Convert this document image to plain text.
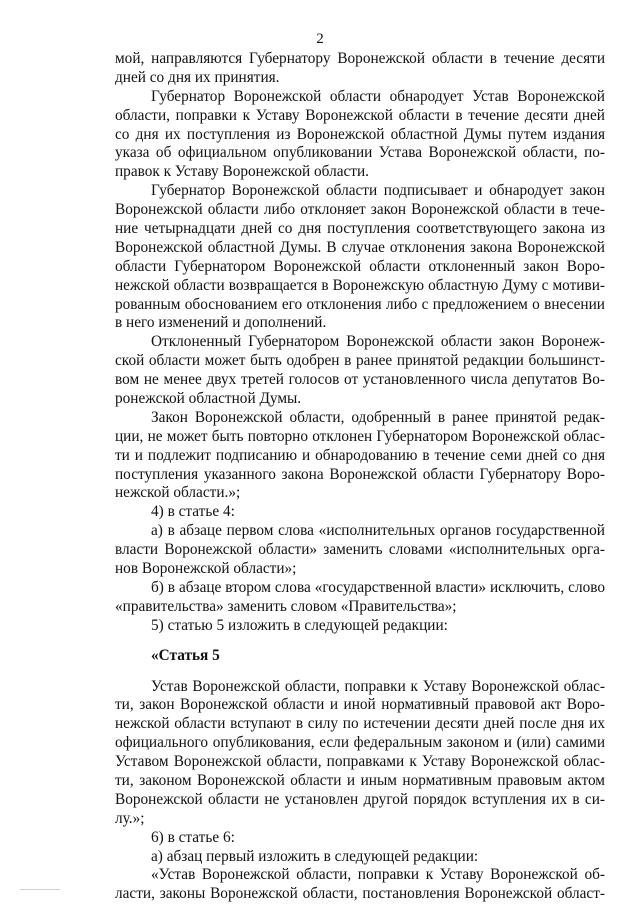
2
мой, направляются Губернатору Воронежской области в течение десяти
дней со дня их принятия.
Губернатор Воронежской области обнародует Устав Воронежской
области, поправки к Уставу Воронежской области в течение десяти дней
со дня их поступления из Воронежской областной Думы путем издания
указа об официальном опубликовании Устава Воронежской области, по-
правок к Уставу Воронежской области.
Губернатор Воронежской области подписывает и обнародует закон
Воронежской области либо отклоняет закон Воронежской области в тече-
ние четырнадцати дней со дня поступления соответствующего закона из
Воронежской областной Думы. В случае отклонения закона Воронежской
области Губернатором Воронежской области отклоненный закон Воро-
нежской области возвращается в Воронежскую областную Думу с мотиви-
рованным обоснованием его отклонения либо с предложением о внесении
в него изменений и дополнений.
Отклоненный Губернатором Воронежской области закон Воронеж-
ской области может быть одобрен в ранее принятой редакции большинст-
вом не менее двух третей голосов от установленного числа депутатов Во-
ронежской областной Думы.
Закон Воронежской области, одобренный в ранее принятой редак-
ции, не может быть повторно отклонен Губернатором Воронежской облас-
ти и подлежит подписанию и обнародованию в течение семи дней со дня
поступления указанного закона Воронежской области Губернатору Воро-
нежской области.»;
4) в статье 4:
а) в абзаце первом слова «исполнительных органов государственной
власти Воронежской области» заменить словами «исполнительных орга-
нов Воронежской области»;
б) в абзаце втором слова «государственной власти» исключить, слово
«правительства» заменить словом «Правительства»;
5) статью 5 изложить в следующей редакции:
«Статья 5
Устав Воронежской области, поправки к Уставу Воронежской облас-
ти, закон Воронежской области и иной нормативный правовой акт Воро-
нежской области вступают в силу по истечении десяти дней после дня их
официального опубликования, если федеральным законом и (или) самими
Уставом Воронежской области, поправками к Уставу Воронежской облас-
ти, законом Воронежской области и иным нормативным правовым актом
Воронежской области не установлен другой порядок вступления их в си-
лу.»;
6) в статье 6:
а) абзац первый изложить в следующей редакции:
«Устав Воронежской области, поправки к Уставу Воронежской об-
ласти, законы Воронежской области, постановления Воронежской област-
